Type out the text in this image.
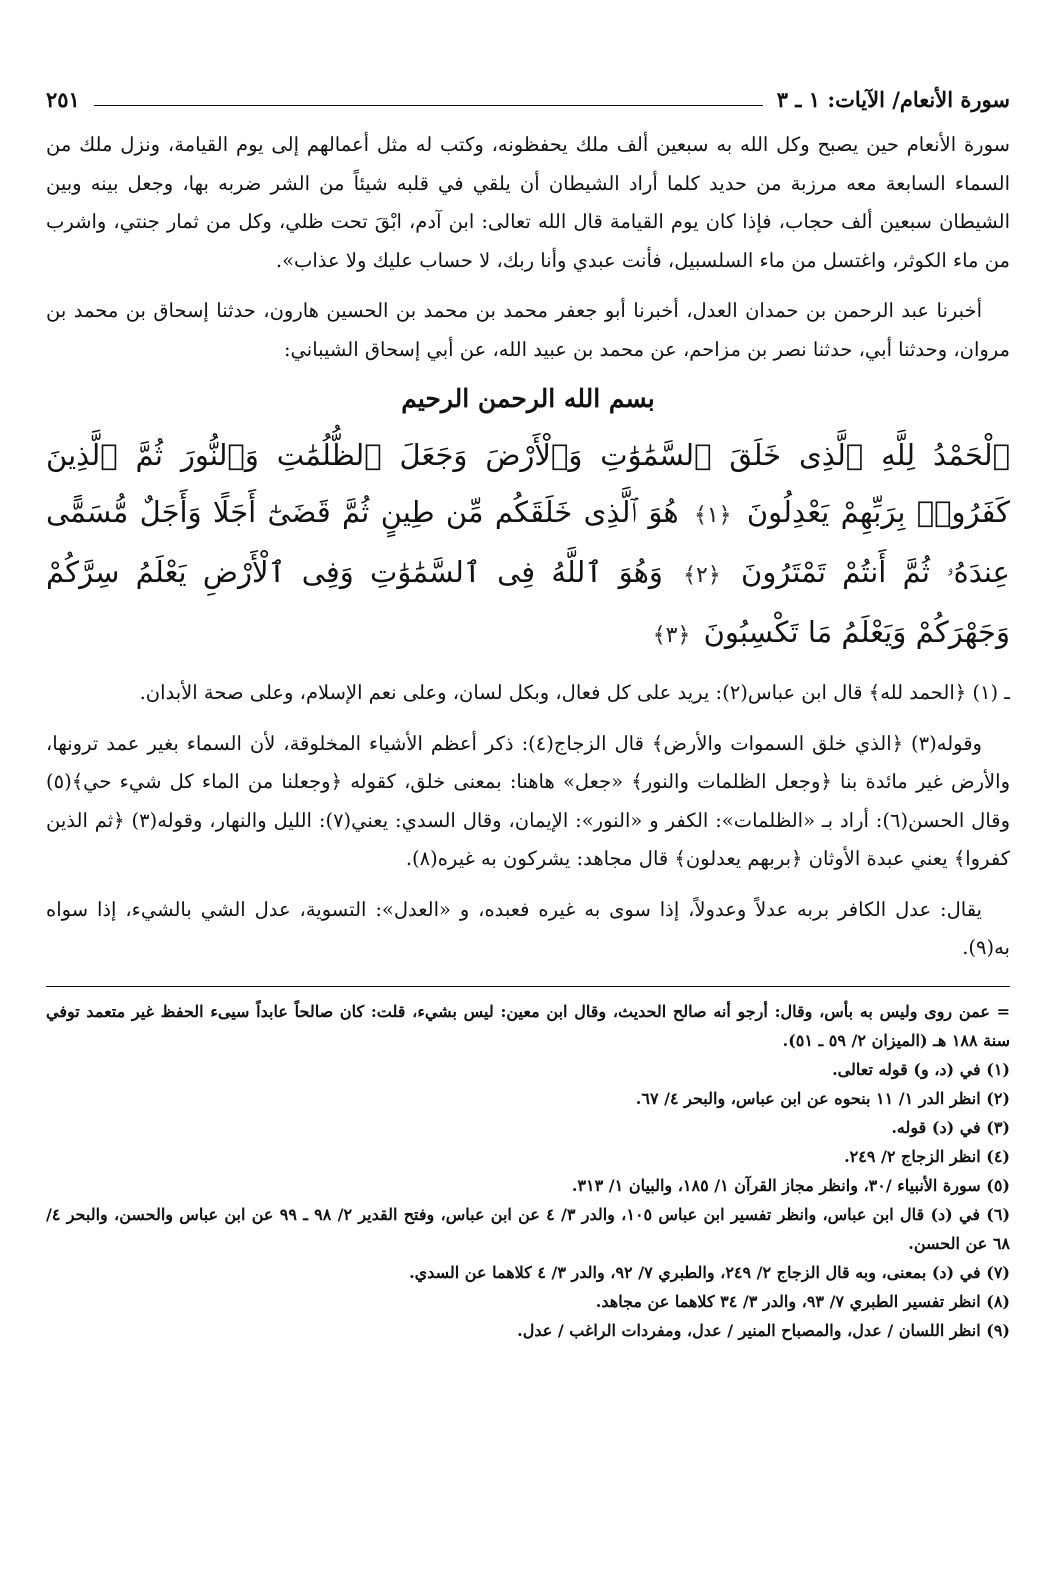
سورة الأنعام/ الآيات: ١ ـ ٣
٢٥١

سورة الأنعام حين يصبح وكل الله به سبعين ألف ملك يحفظونه، وكتب له مثل أعمالهم إلى يوم القيامة، ونزل ملك من السماء السابعة معه مرزبة من حديد كلما أراد الشيطان أن يلقي في قلبه شيئاً من الشر ضربه بها، وجعل بينه وبين الشيطان سبعين ألف حجاب، فإذا كان يوم القيامة قال الله تعالى: ابن آدم، ابْقَ تحت ظلي، وكل من ثمار جنتي، واشرب من ماء الكوثر، واغتسل من ماء السلسبيل، فأنت عبدي وأنا ربك، لا حساب عليك ولا عذاب».

أخبرنا عبد الرحمن بن حمدان العدل، أخبرنا أبو جعفر محمد بن محمد بن الحسين هارون، حدثنا إسحاق بن محمد بن مروان، وحدثنا أبي، حدثنا نصر بن مزاحم، عن محمد بن عبيد الله، عن أبي إسحاق الشيباني:

بسم الله الرحمن الرحيم

ٱلْحَمْدُ لِلَّهِ ٱلَّذِى خَلَقَ ٱلسَّمَٰوَٰتِ وَٱلْأَرْضَ وَجَعَلَ ٱلظُّلُمَٰتِ وَٱلنُّورَ ثُمَّ ٱلَّذِينَ كَفَرُوا۟ بِرَبِّهِمْ يَعْدِلُونَ ﴿١﴾ هُوَ ٱلَّذِى خَلَقَكُم مِّن طِينٍ ثُمَّ قَضَىٰٓ أَجَلًا وَأَجَلٌ مُّسَمًّى عِندَهُۥ ثُمَّ أَنتُمْ تَمْتَرُونَ ﴿٢﴾ وَهُوَ ٱللَّهُ فِى ٱلسَّمَٰوَٰتِ وَفِى ٱلْأَرْضِ يَعْلَمُ سِرَّكُمْ وَجَهْرَكُمْ وَيَعْلَمُ مَا تَكْسِبُونَ ﴿٣﴾

ـ (١) ﴿الحمد لله﴾ قال ابن عباس(٢): يريد على كل فعال، وبكل لسان، وعلى نعم الإسلام، وعلى صحة الأبدان.

وقوله(٣) ﴿الذي خلق السموات والأرض﴾ قال الزجاج(٤): ذكر أعظم الأشياء المخلوقة، لأن السماء بغير عمد ترونها، والأرض غير مائدة بنا ﴿وجعل الظلمات والنور﴾ «جعل» هاهنا: بمعنى خلق، كقوله ﴿وجعلنا من الماء كل شيء حي﴾(٥) وقال الحسن(٦): أراد بـ «الظلمات»: الكفر و «النور»: الإيمان، وقال السدي: يعني(٧): الليل والنهار، وقوله(٣) ﴿ثم الذين كفروا﴾ يعني عبدة الأوثان ﴿بربهم يعدلون﴾ قال مجاهد: يشركون به غيره(٨).

يقال: عدل الكافر بربه عدلاً وعدولاً، إذا سوى به غيره فعبده، و «العدل»: التسوية، عدل الشي بالشيء، إذا سواه به(٩).

= عمن روى وليس به بأس، وقال: أرجو أنه صالح الحديث، وقال ابن معين: ليس بشيء، قلت: كان صالحاً عابداً سيىء الحفظ غير متعمد توفي سنة ١٨٨ هـ (الميزان ٢/ ٥٩ ـ ٥١).

(١) في (د، و) قوله تعالى.

(٢) انظر الدر ١/ ١١ بنحوه عن ابن عباس، والبحر ٤/ ٦٧.

(٣) في (د) قوله.

(٤) انظر الزجاج ٢/ ٢٤٩.

(٥) سورة الأنبياء /٣٠، وانظر مجاز القرآن ١/ ١٨٥، والبيان ١/ ٣١٣.

(٦) في (د) قال ابن عباس، وانظر تفسير ابن عباس ١٠٥، والدر ٣/ ٤ عن ابن عباس، وفتح القدير ٢/ ٩٨ ـ ٩٩ عن ابن عباس والحسن، والبحر ٤/ ٦٨ عن الحسن.

(٧) في (د) بمعنى، وبه قال الزجاج ٢/ ٢٤٩، والطبري ٧/ ٩٢، والدر ٣/ ٤ كلاهما عن السدي.

(٨) انظر تفسير الطبري ٧/ ٩٣، والدر ٣/ ٣٤ كلاهما عن مجاهد.

(٩) انظر اللسان / عدل، والمصباح المنير / عدل، ومفردات الراغب / عدل.
